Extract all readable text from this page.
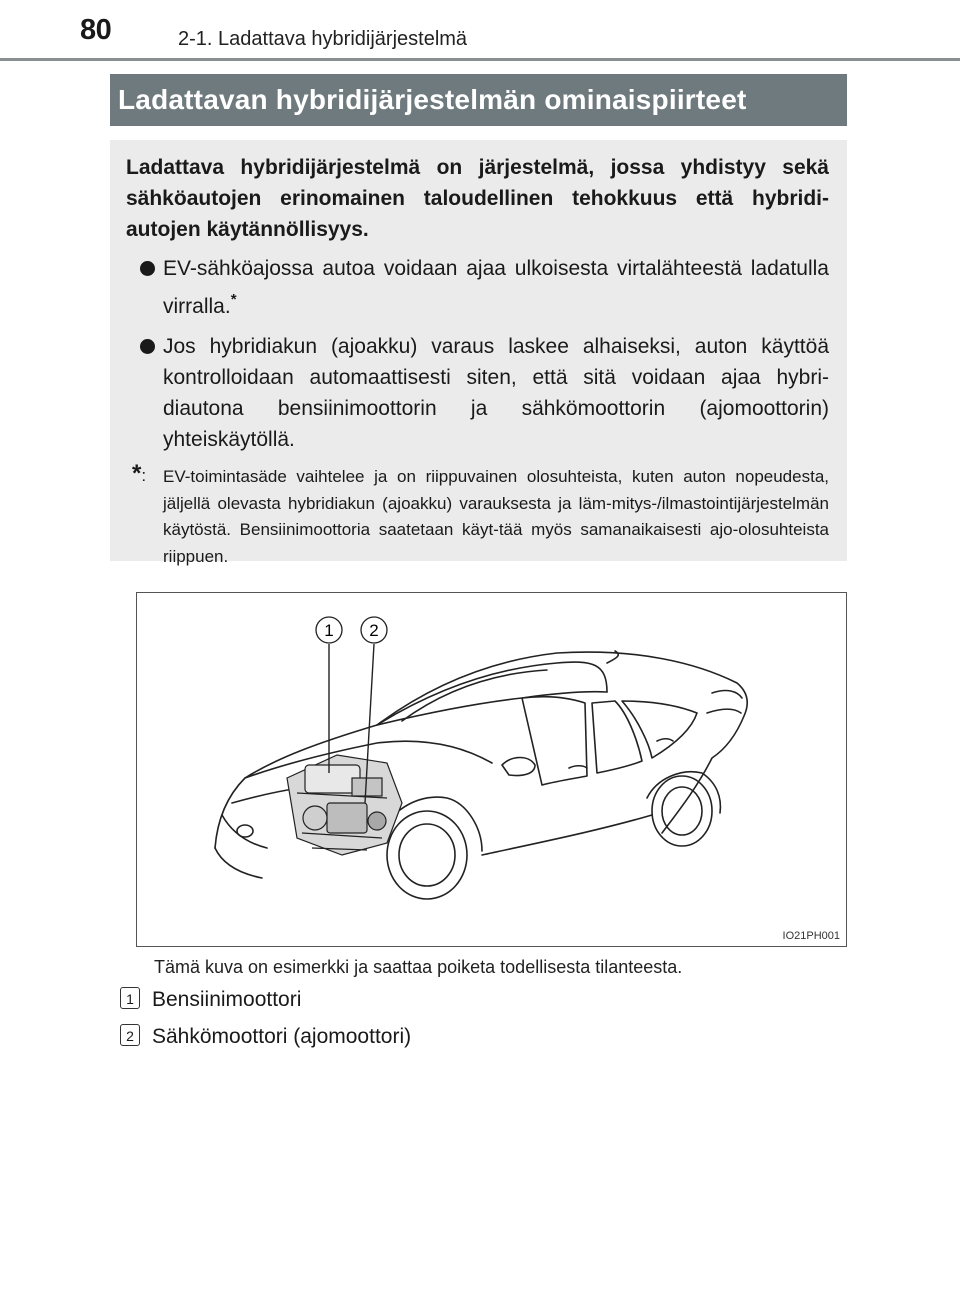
80	2-1. Ladattava hybridijärjestelmä
Ladattavan hybridijärjestelmän ominaispiirteet

Ladattava hybridijärjestelmä on järjestelmä, jossa yhdistyy sekä sähköautojen erinomainen taloudellinen tehokkuus että hybridi-autojen käytännöllisyys.

EV-sähköajossa autoa voidaan ajaa ulkoisesta virtalähteestä ladatulla virralla.*
Jos hybridiakun (ajoakku) varaus laskee alhaiseksi, auton käyttöä kontrolloidaan automaattisesti siten, että sitä voidaan ajaa hybri-diautona bensiinimoottorin ja sähkömoottorin (ajomoottorin) yhteiskäytöllä.
*: EV-toimintasäde vaihtelee ja on riippuvainen olosuhteista, kuten auton nopeudesta, jäljellä olevasta hybridiakun (ajoakku) varauksesta ja läm-mitys-/ilmastointijärjestelmän käytöstä. Bensiinimoottoria saatetaan käyt-tää myös samanaikaisesti ajo-olosuhteista riippuen.
1 2
IO21PH001
Tämä kuva on esimerkki ja saattaa poiketa todellisesta tilanteesta.
1 Bensiinimoottori
2 Sähkömoottori (ajomoottori)
